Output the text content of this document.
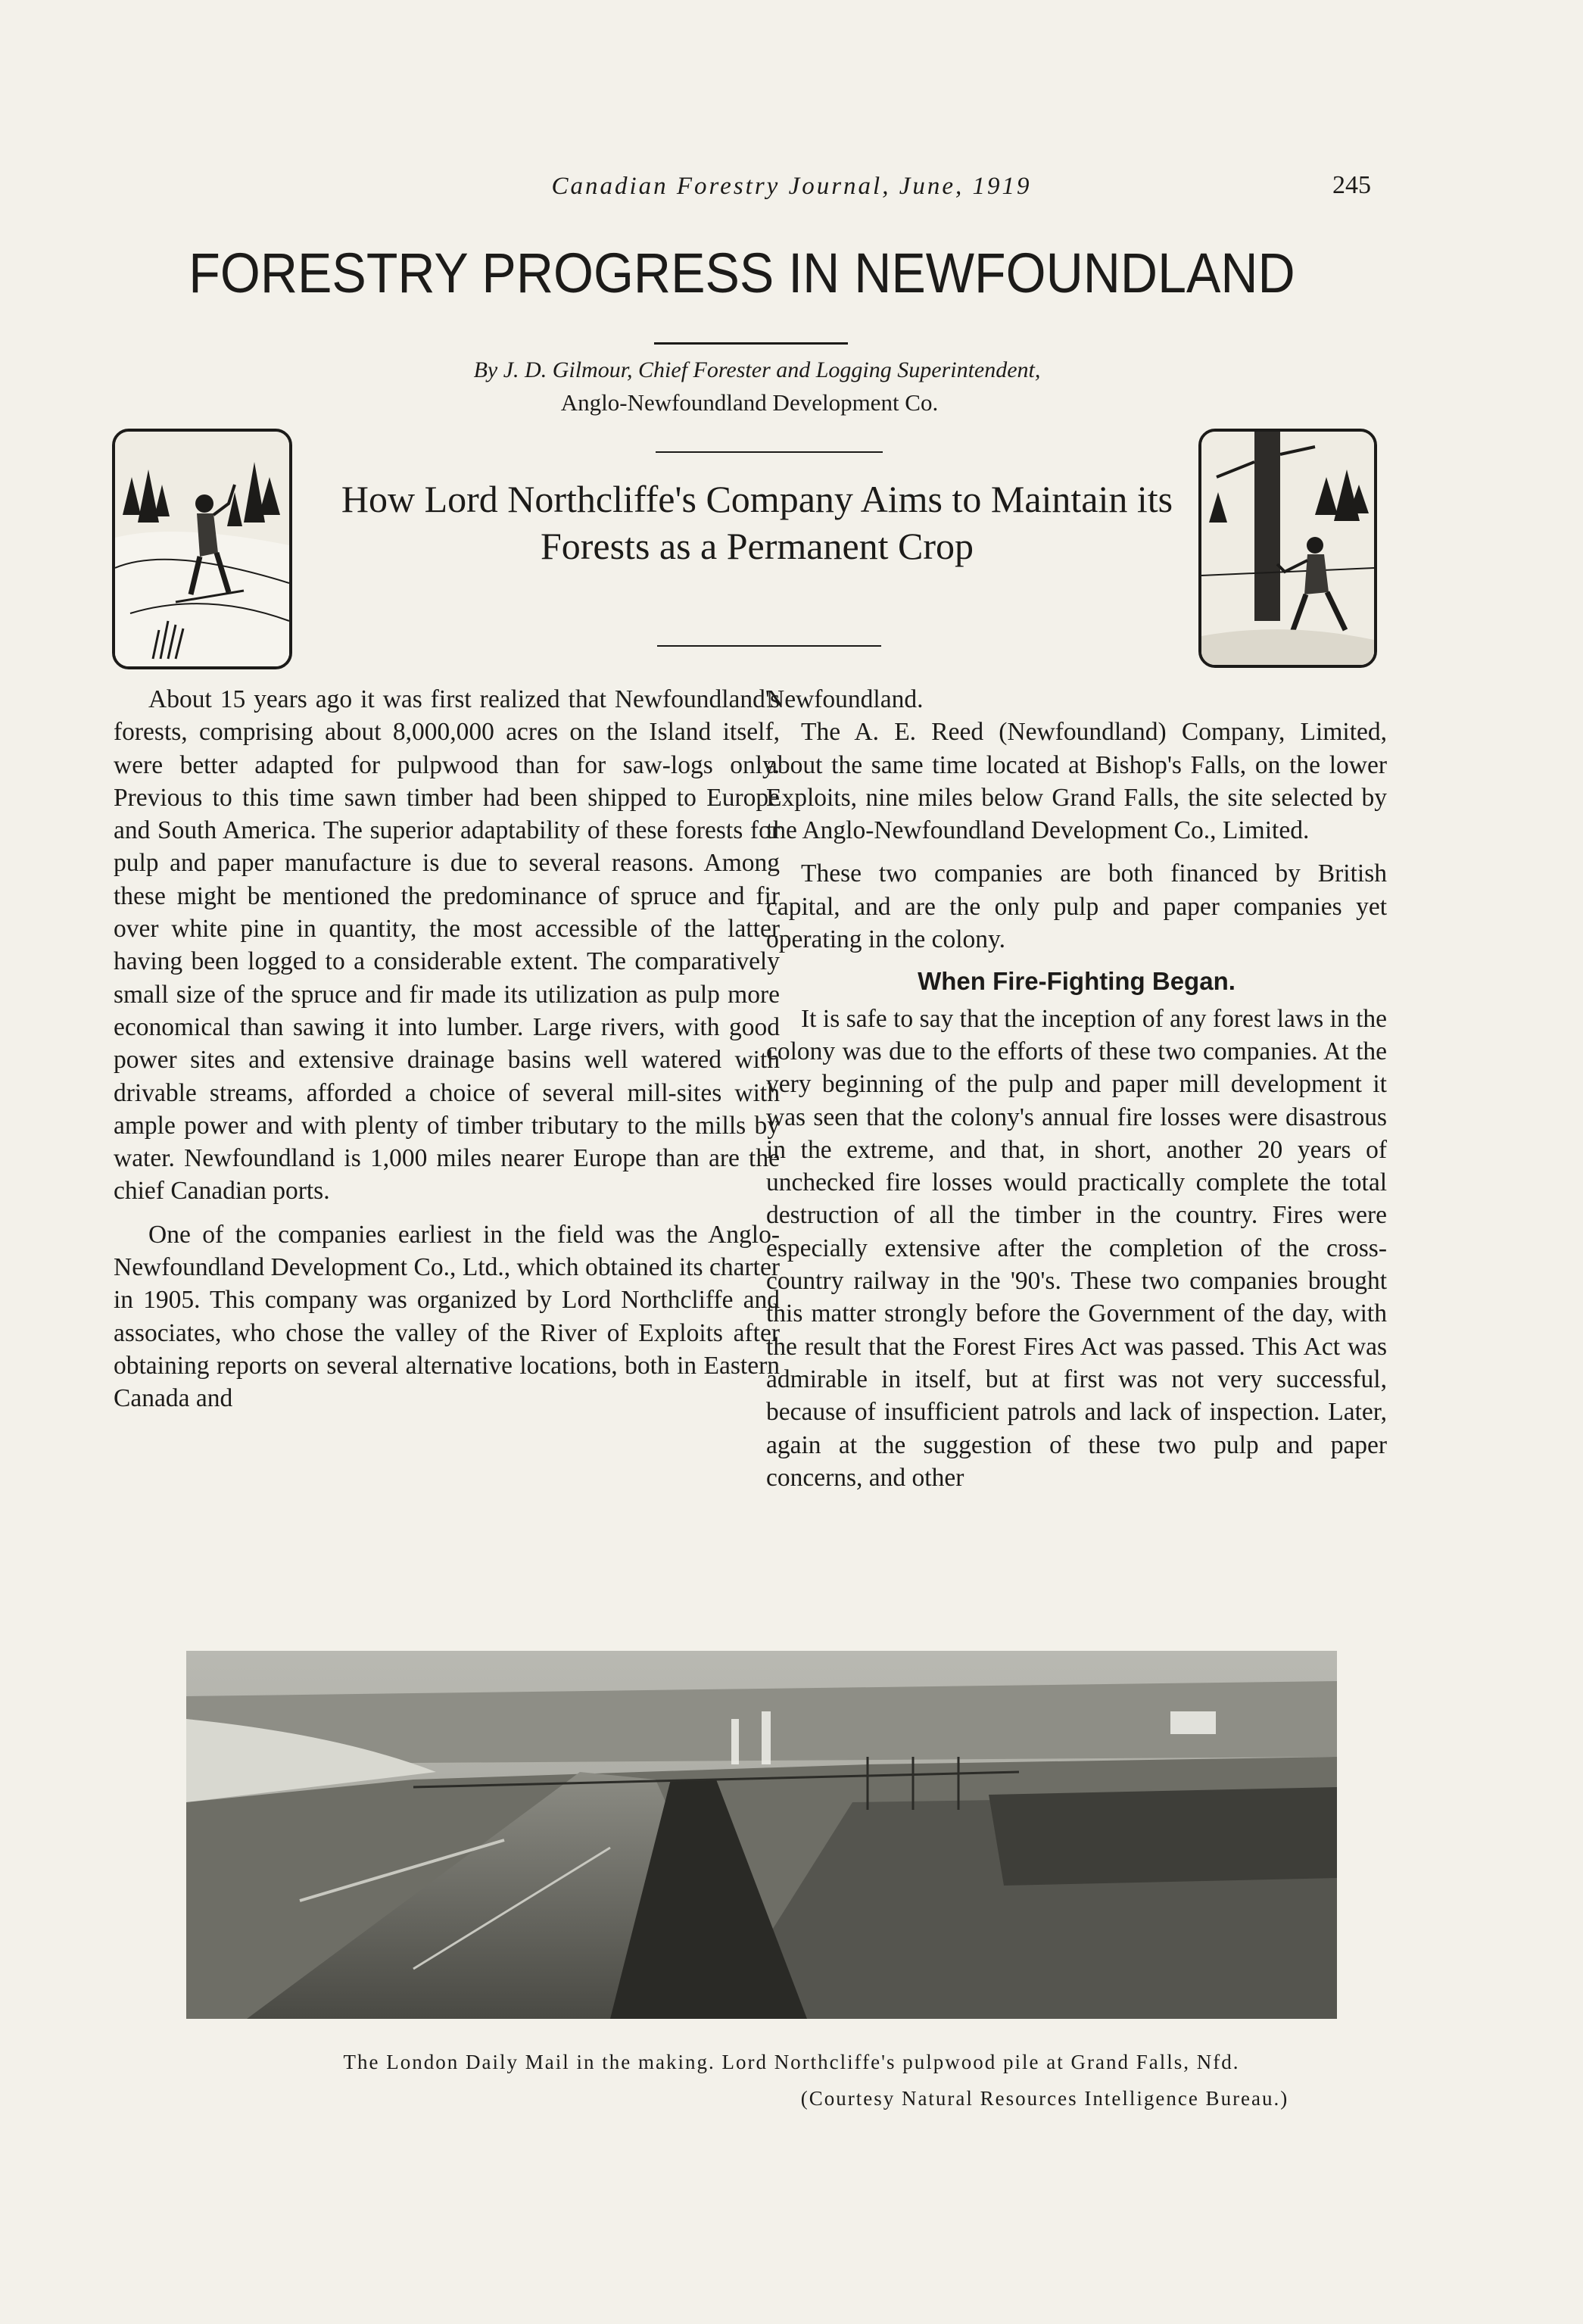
Canadian Forestry Journal, June, 1919	245
FORESTRY PROGRESS IN NEWFOUNDLAND
By J. D. Gilmour, Chief Forester and Logging Superintendent,
Anglo-Newfoundland Development Co.
How Lord Northcliffe's Company Aims to Maintain its Forests as a Permanent Crop

About 15 years ago it was first realized that Newfoundland's forests, comprising about 8,000,000 acres on the Island itself, were better adapted for pulpwood than for saw-logs only. Previous to this time sawn timber had been shipped to Europe and South America. The superior adaptability of these forests for pulp and paper manufacture is due to several reasons. Among these might be mentioned the predominance of spruce and fir over white pine in quantity, the most accessible of the latter having been logged to a considerable extent. The comparatively small size of the spruce and fir made its utilization as pulp more economical than sawing it into lumber. Large rivers, with good power sites and extensive drainage basins well watered with drivable streams, afforded a choice of several mill-sites with ample power and with plenty of timber tributary to the mills by water. Newfoundland is 1,000 miles nearer Europe than are the chief Canadian ports.

One of the companies earliest in the field was the Anglo-Newfoundland Development Co., Ltd., which obtained its charter in 1905. This company was organized by Lord Northcliffe and associates, who chose the valley of the River of Exploits after obtaining reports on several alternative locations, both in Eastern Canada and

Newfoundland.

The A. E. Reed (Newfoundland) Company, Limited, about the same time located at Bishop's Falls, on the lower Exploits, nine miles below Grand Falls, the site selected by the Anglo-Newfoundland Development Co., Limited.

These two companies are both financed by British capital, and are the only pulp and paper companies yet operating in the colony.

When Fire-Fighting Began.

It is safe to say that the inception of any forest laws in the colony was due to the efforts of these two companies. At the very beginning of the pulp and paper mill development it was seen that the colony's annual fire losses were disastrous in the extreme, and that, in short, another 20 years of unchecked fire losses would practically complete the total destruction of all the timber in the country. Fires were especially extensive after the completion of the cross-country railway in the '90's. These two companies brought this matter strongly before the Government of the day, with the result that the Forest Fires Act was passed. This Act was admirable in itself, but at first was not very successful, because of insufficient patrols and lack of inspection. Later, again at the suggestion of these two pulp and paper concerns, and other

The London Daily Mail in the making. Lord Northcliffe's pulpwood pile at Grand Falls, Nfd.
(Courtesy Natural Resources Intelligence Bureau.)
